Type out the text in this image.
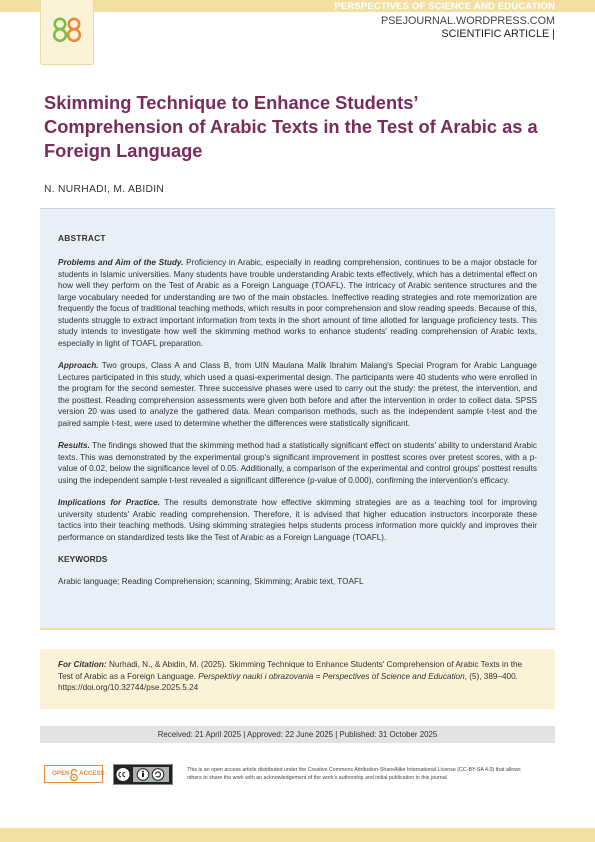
PERSPECTIVES OF SCIENCE AND EDUCATION
PSEJOURNAL.WORDPRESS.COM
SCIENTIFIC ARTICLE |
Skimming Technique to Enhance Students’ Comprehension of Arabic Texts in the Test of Arabic as a Foreign Language
N. NURHADI, M. ABIDIN
ABSTRACT

Problems and Aim of the Study. Proficiency in Arabic, especially in reading comprehension, continues to be a major obstacle for students in Islamic universities. Many students have trouble understanding Arabic texts effectively, which has a detrimental effect on how well they perform on the Test of Arabic as a Foreign Language (TOAFL). The intricacy of Arabic sentence structures and the large vocabulary needed for understanding are two of the main obstacles. Ineffective reading strategies and rote memorization are frequently the focus of traditional teaching methods, which results in poor comprehension and slow reading speeds. Because of this, students struggle to extract important information from texts in the short amount of time allotted for language proficiency tests. This study intends to investigate how well the skimming method works to enhance students' reading comprehension of Arabic texts, especially in light of TOAFL preparation.

Approach. Two groups, Class A and Class B, from UIN Maulana Malik Ibrahim Malang's Special Program for Arabic Language Lectures participated in this study, which used a quasi-experimental design. The participants were 40 students who were enrolled in the program for the second semester. Three successive phases were used to carry out the study: the pretest, the intervention, and the posttest. Reading comprehension assessments were given both before and after the intervention in order to collect data. SPSS version 20 was used to analyze the gathered data. Mean comparison methods, such as the independent sample t-test and the paired sample t-test, were used to determine whether the differences were statistically significant.

Results. The findings showed that the skimming method had a statistically significant effect on students' ability to understand Arabic texts. This was demonstrated by the experimental group's significant improvement in posttest scores over pretest scores, with a p-value of 0.02, below the significance level of 0.05. Additionally, a comparison of the experimental and control groups' posttest results using the independent sample t-test revealed a significant difference (p-value of 0.000), confirming the intervention's efficacy.

Implications for Practice. The results demonstrate how effective skimming strategies are as a teaching tool for improving university students' Arabic reading comprehension. Therefore, it is advised that higher education instructors incorporate these tactics into their teaching methods. Using skimming strategies helps students process information more quickly and improves their performance on standardized tests like the Test of Arabic as a Foreign Language (TOAFL).

KEYWORDS

Arabic language; Reading Comprehension; scanning, Skimming; Arabic text, TOAFL

For Citation: Nurhadi, N., & Abidin, M. (2025). Skimming Technique to Enhance Students' Comprehension of Arabic Texts in the Test of Arabic as a Foreign Language. Perspektivy nauki i obrazovania = Perspectives of Science and Education, (5), 389–400. https://doi.org/10.32744/pse.2025.5.24

Received: 21 April 2025 | Approved: 22 June 2025 | Published: 31 October 2025
OPEN ACCESS	This is an open access article distributed under the Creative Commons Attribution-ShareAlike International License (CC-BY-SA 4.0) that allows others to share the work with an acknowledgement of the work's authorship and initial publication in this journal
